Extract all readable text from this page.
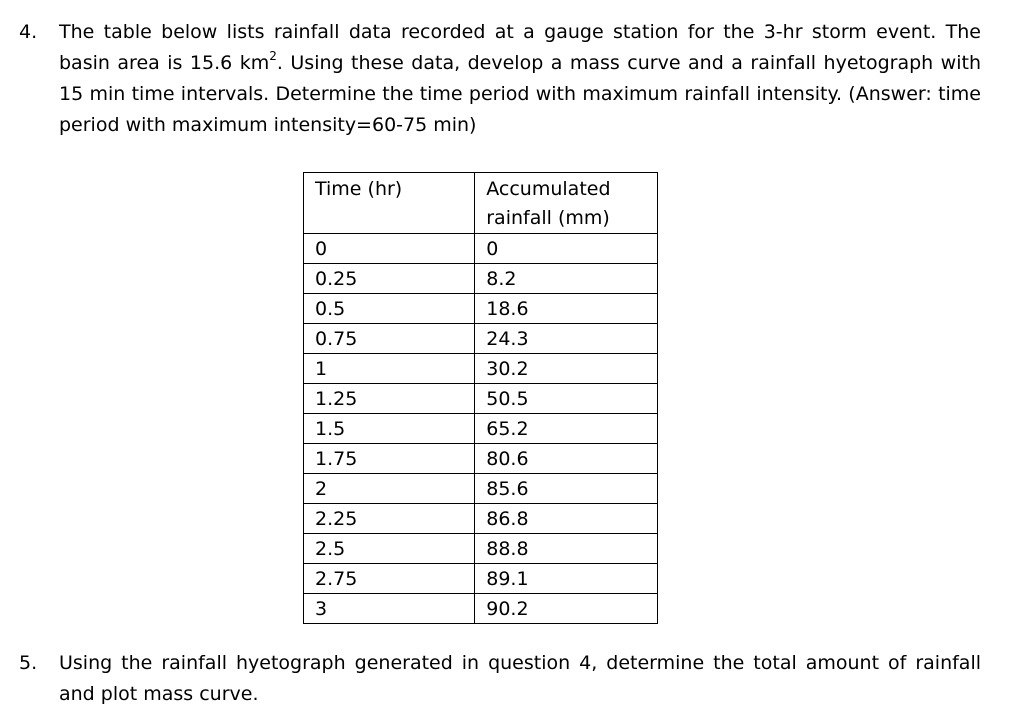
4. The table below lists rainfall data recorded at a gauge station for the 3-hr storm event. The basin area is 15.6 $km^2$. Using these data, develop a mass curve and a rainfall hyetograph with 15 min time intervals. Determine the time period with maximum rainfall intensity. (Answer: time period with maximum intensity=60-75 min)
Time (hr)	Accumulated rainfall (mm)
0	0
0.25	8.2
0.5	18.6
0.75	24.3
1	30.2
1.25	50.5
1.5	65.2
1.75	80.6
2	85.6
2.25	86.8
2.5	88.8
2.75	89.1
3	90.2
5. Using the rainfall hyetograph generated in question 4, determine the total amount of rainfall and plot mass curve.
